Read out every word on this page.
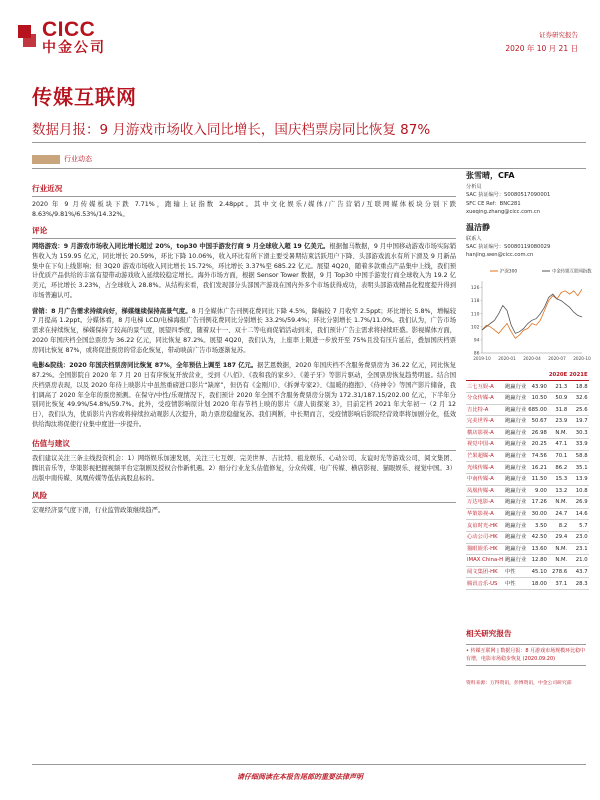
CICC
中金公司
证券研究报告
2020 年 10 月 21 日
传媒互联网
数据月报：9 月游戏市场收入同比增长，国庆档票房同比恢复 87%
行业动态
行业近况
2020 年 9 月传媒板块下跌 7.71%，跑输上证指数 2.48ppt。其中文化娱乐/媒体/广告营销/互联网媒体板块分别下跌 8.63%/9.81%/6.53%/14.32%。
评论
网络游戏：9 月游戏市场收入同比增长超过 20%，top30 中国手游发行商 9 月全球收入超 19 亿美元。根据伽马数据，9 月中国移动游戏市场实际销售收入为 159.95 亿元，同比增长 20.59%，环比下降 10.06%，收入环比有所下滑主要受暑期结束活跃用户下降、头部游戏流水有所下滑及 9 月新品集中在下旬上线影响；但 3Q20 游戏市场收入同比增长 15.72%，环比增长 3.37%至 685.22 亿元。展望 4Q20，随着多款重点产品集中上线，我们预计优质产品供给的丰富有望带动游戏收入延续较稳定增长。海外市场方面，根据 Sensor Tower 数据，9 月 Top30 中国手游发行商全球收入为 19.2 亿美元，环比增长 3.23%，占全球收入 28.8%。从结构来看，我们发现部分头部国产游戏在国内外多个市场获得成功，表明头部游戏精品化程度提升得到市场普遍认可。
营销：8 月广告需求持续向好，梯媒继续保持高景气度。8 月全媒体广告刊例花费同比下降 4.5%，降幅较 7 月收窄 2.5ppt；环比增长 5.8%，增幅较 7 月提高 1.2ppt。分媒体看，8 月电梯 LCD/电梯海报广告刊例花费同比分别增长 33.2%/59.4%；环比分别增长 1.7%/11.0%。我们认为，广告市场需求在持续恢复，梯媒保持了较高的景气度，展望四季度，随着双十一、双十二等电商促销活动到来，我们预计广告主需求将持续旺盛。影视媒体方面，2020 年国庆档全国总票房为 36.22 亿元，同比恢复 87.2%。展望 4Q20，我们认为，上座率上限进一步放开至 75%且没有压片延后，叠加国庆档票房同比恢复 87%，或将促进票房的常态化恢复，带动映前广告市场逐渐复苏。
电影&院线：2020 年国庆档票房同比恢复 87%，全年预估上调至 187 亿元。据艺恩数据，2020 年国庆档不含服务费票房为 36.22 亿元，同比恢复 87.2%。全国影院自 2020 年 7 月 20 日有序恢复开放营业，受到《八佰》、《我和我的家乡》、《姜子牙》等影片驱动，全国票房恢复趋势明显。结合国庆档票房表现，以及 2020 年待上映影片中虽然重磅进口影片“缺席”，但仍有《金刚川》、《拆弹专家2》、《温暖的抱抱》、《侍神令》等国产影片储备，我们调高了 2020 年全年的票房预测。在保守/中性/乐观情况下，我们预计 2020 年全国不含服务费票房分别为 172.31/187.15/202.00 亿元，下半年分别同比恢复 49.9%/54.8%/59.7%。此外，受疫情影响原计划 2020 年春节档上映的影片《唐人街探案 3》，目前定档 2021 年大年初一（2 月 12 日），我们认为，优质影片内容或将持续拉动观影人次提升，助力票房稳健复苏。我们判断，中长期而言，受疫情影响后影院经营效率将加剧分化，低效供给淘汰将促使行业集中度进一步提升。
估值与建议
我们建议关注三条主线投资机会：1）网络娱乐加速发展，关注三七互娱、完美世界、吉比特、祖龙娱乐、心动公司、友谊时光等游戏公司，阅文集团、腾讯音乐等，华策影视把握视频平台定制剧及授权合作新机遇。2）细分行业龙头估值修复，分众传媒、电广传媒、横店影视、猫眼娱乐、视觉中国。3）出版中南传媒、凤凰传媒等低估高股息标的。
风险
宏观经济景气度下滑，行业监管政策继续趋严。
张雪晴，CFA
分析员
SAC 执证编号：S0080517090001
SFC CE Ref：BNC281
xueqing.zhang@cicc.com.cn
温洁静
联系人
SAC 执证编号：S0080119080029
hanjing.wen@cicc.com.cn
86
94
102
110
118
126
2019-10 2020-01 2020-04 2020-07 2020-10
沪深300	中金传媒互联网指数
			2020E	2021E
三七互娱-A	跑赢行业	43.90	21.3	18.8
分众传媒-A	跑赢行业	10.50	50.9	32.6
吉比特-A	跑赢行业	685.00	31.8	25.6
完美世界-A	跑赢行业	50.67	23.9	19.7
横店影视-A	跑赢行业	26.98	N.M.	30.3
视觉中国-A	跑赢行业	20.25	47.1	33.9
芒果超媒-A	跑赢行业	74.56	70.1	58.8
光线传媒-A	跑赢行业	16.21	86.2	35.1
中南传媒-A	跑赢行业	11.50	15.3	13.9
凤凰传媒-A	跑赢行业	9.00	13.2	10.8
万达电影-A	跑赢行业	17.26	N.M.	26.9
华策影视-A	跑赢行业	30.00	24.7	14.6
友谊时光-HK	跑赢行业	3.50	8.2	5.7
心动公司-HK	跑赢行业	42.50	29.4	23.0
猫眼娱乐-HK	跑赢行业	13.60	N.M.	23.1
IMAX China-H	跑赢行业	12.80	N.M.	21.0
阅文集团-HK	中性	45.10	278.6	43.7
腾讯音乐-US	中性	18.00	37.1	28.3
相关研究报告
• 传媒互联网 | 数据月报：8 月游戏市场规模环比稳中有增，电影市场稳步恢复 (2020.09.20)
资料来源：万得资讯，彭博资讯，中金公司研究部
请仔细阅读在本报告尾部的重要法律声明
